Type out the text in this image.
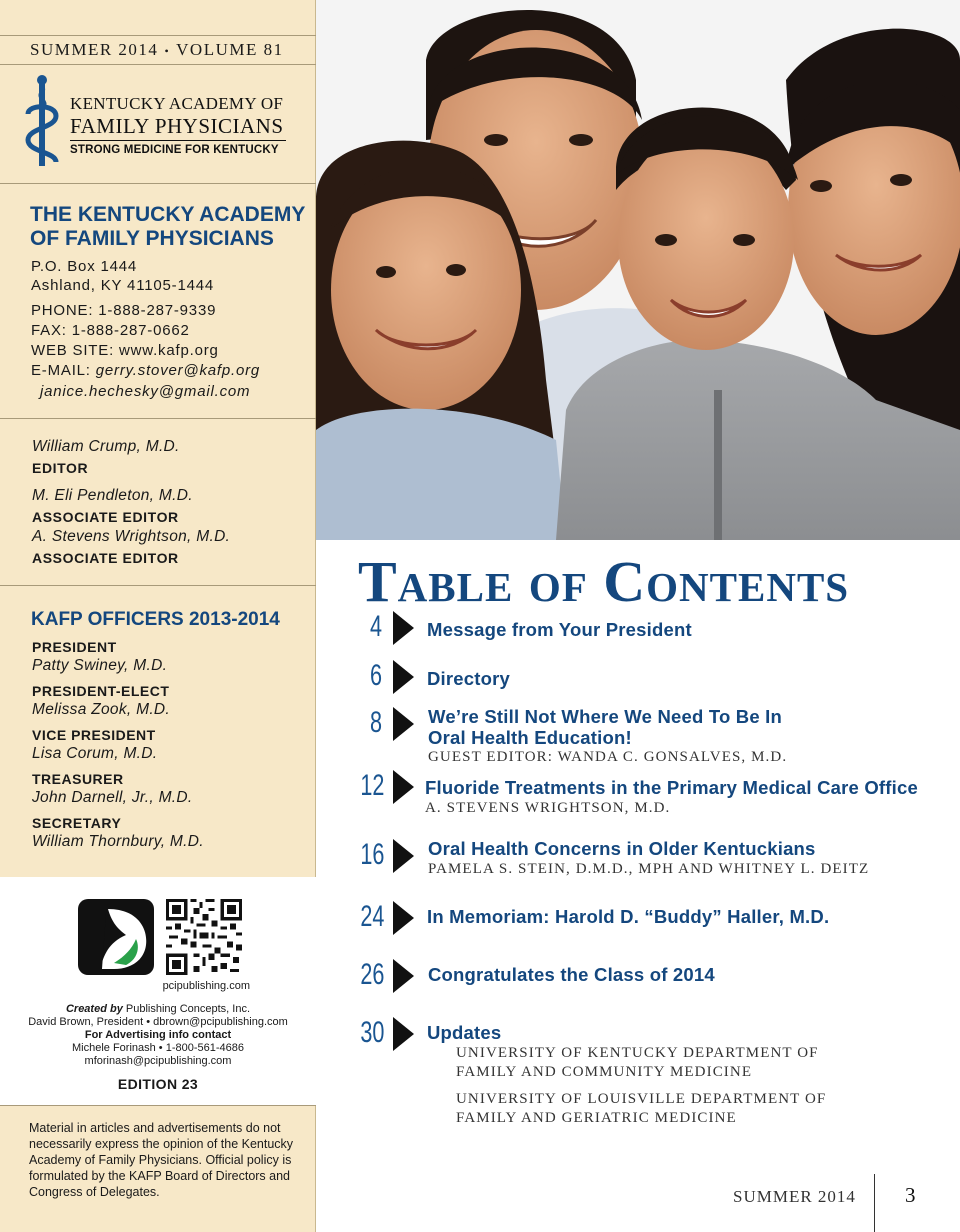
SUMMER 2014 • VOLUME 81
KENTUCKY ACADEMY OF
FAMILY PHYSICIANS
STRONG MEDICINE FOR KENTUCKY
THE KENTUCKY ACADEMY OF FAMILY PHYSICIANS
P.O. Box 1444
Ashland, KY 41105-1444
PHONE: 1-888-287-9339
FAX: 1-888-287-0662
WEB SITE: www.kafp.org
E-MAIL: gerry.stover@kafp.org
janice.hechesky@gmail.com
William Crump, M.D.
EDITOR
M. Eli Pendleton, M.D.
ASSOCIATE EDITOR
A. Stevens Wrightson, M.D.
ASSOCIATE EDITOR
KAFP OFFICERS 2013-2014
PRESIDENT
Patty Swiney, M.D.
PRESIDENT-ELECT
Melissa Zook, M.D.
VICE PRESIDENT
Lisa Corum, M.D.
TREASURER
John Darnell, Jr., M.D.
SECRETARY
William Thornbury, M.D.
pcipublishing.com
Created by Publishing Concepts, Inc.
David Brown, President • dbrown@pcipublishing.com
For Advertising info contact
Michele Forinash • 1-800-561-4686
mforinash@pcipublishing.com
EDITION 23
Material in articles and advertisements do not necessarily express the opinion of the Kentucky Academy of Family Physicians. Official policy is formulated by the KAFP Board of Directors and Congress of Delegates.
Table of Contents
4 Message from Your President
6 Directory
8 We’re Still Not Where We Need To Be In
Oral Health Education!
GUEST EDITOR: WANDA C. GONSALVES, M.D.
12 Fluoride Treatments in the Primary Medical Care Office
A. STEVENS WRIGHTSON, M.D.
16 Oral Health Concerns in Older Kentuckians
PAMELA S. STEIN, D.M.D., MPH AND WHITNEY L. DEITZ
24 In Memoriam: Harold D. “Buddy” Haller, M.D.
26 Congratulates the Class of 2014
30 Updates
UNIVERSITY OF KENTUCKY DEPARTMENT OF
FAMILY AND COMMUNITY MEDICINE
UNIVERSITY OF LOUISVILLE DEPARTMENT OF
FAMILY AND GERIATRIC MEDICINE
SUMMER 2014 3
